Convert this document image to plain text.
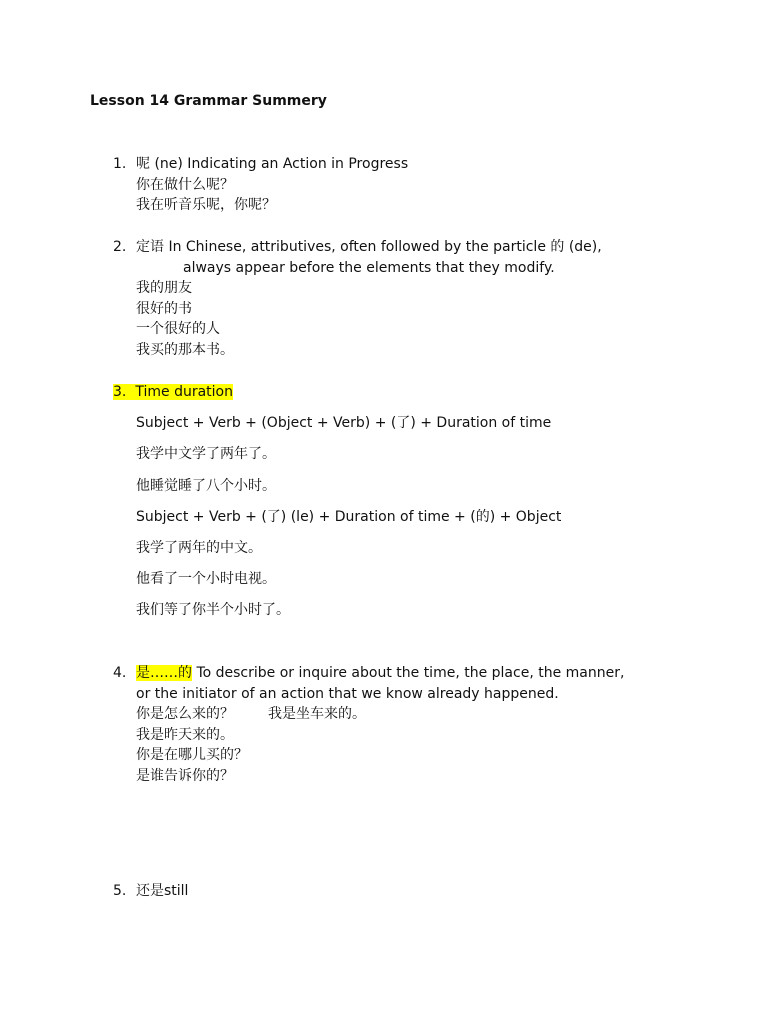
Lesson 14 Grammar Summery

1. 呢 (ne) Indicating an Action in Progress
你在做什么呢？
我在听音乐呢，你呢？
2. 定语 In Chinese, attributives, often followed by the particle 的 (de),
always appear before the elements that they modify.
我的朋友
很好的书
一个很好的人
我买的那本书。
3. Time duration
Subject + Verb + (Object + Verb) + (了) + Duration of time
我学中文学了两年了。
他睡觉睡了八个小时。
Subject + Verb + (了) (le) + Duration of time + (的) + Object
我学了两年的中文。
他看了一个小时电视。
我们等了你半个小时了。
4. 是……的 To describe or inquire about the time, the place, the manner,
or the initiator of an action that we know already happened.
你是怎么来的？ 我是坐车来的。
我是昨天来的。
你是在哪儿买的？
是谁告诉你的？
5. 还是still
